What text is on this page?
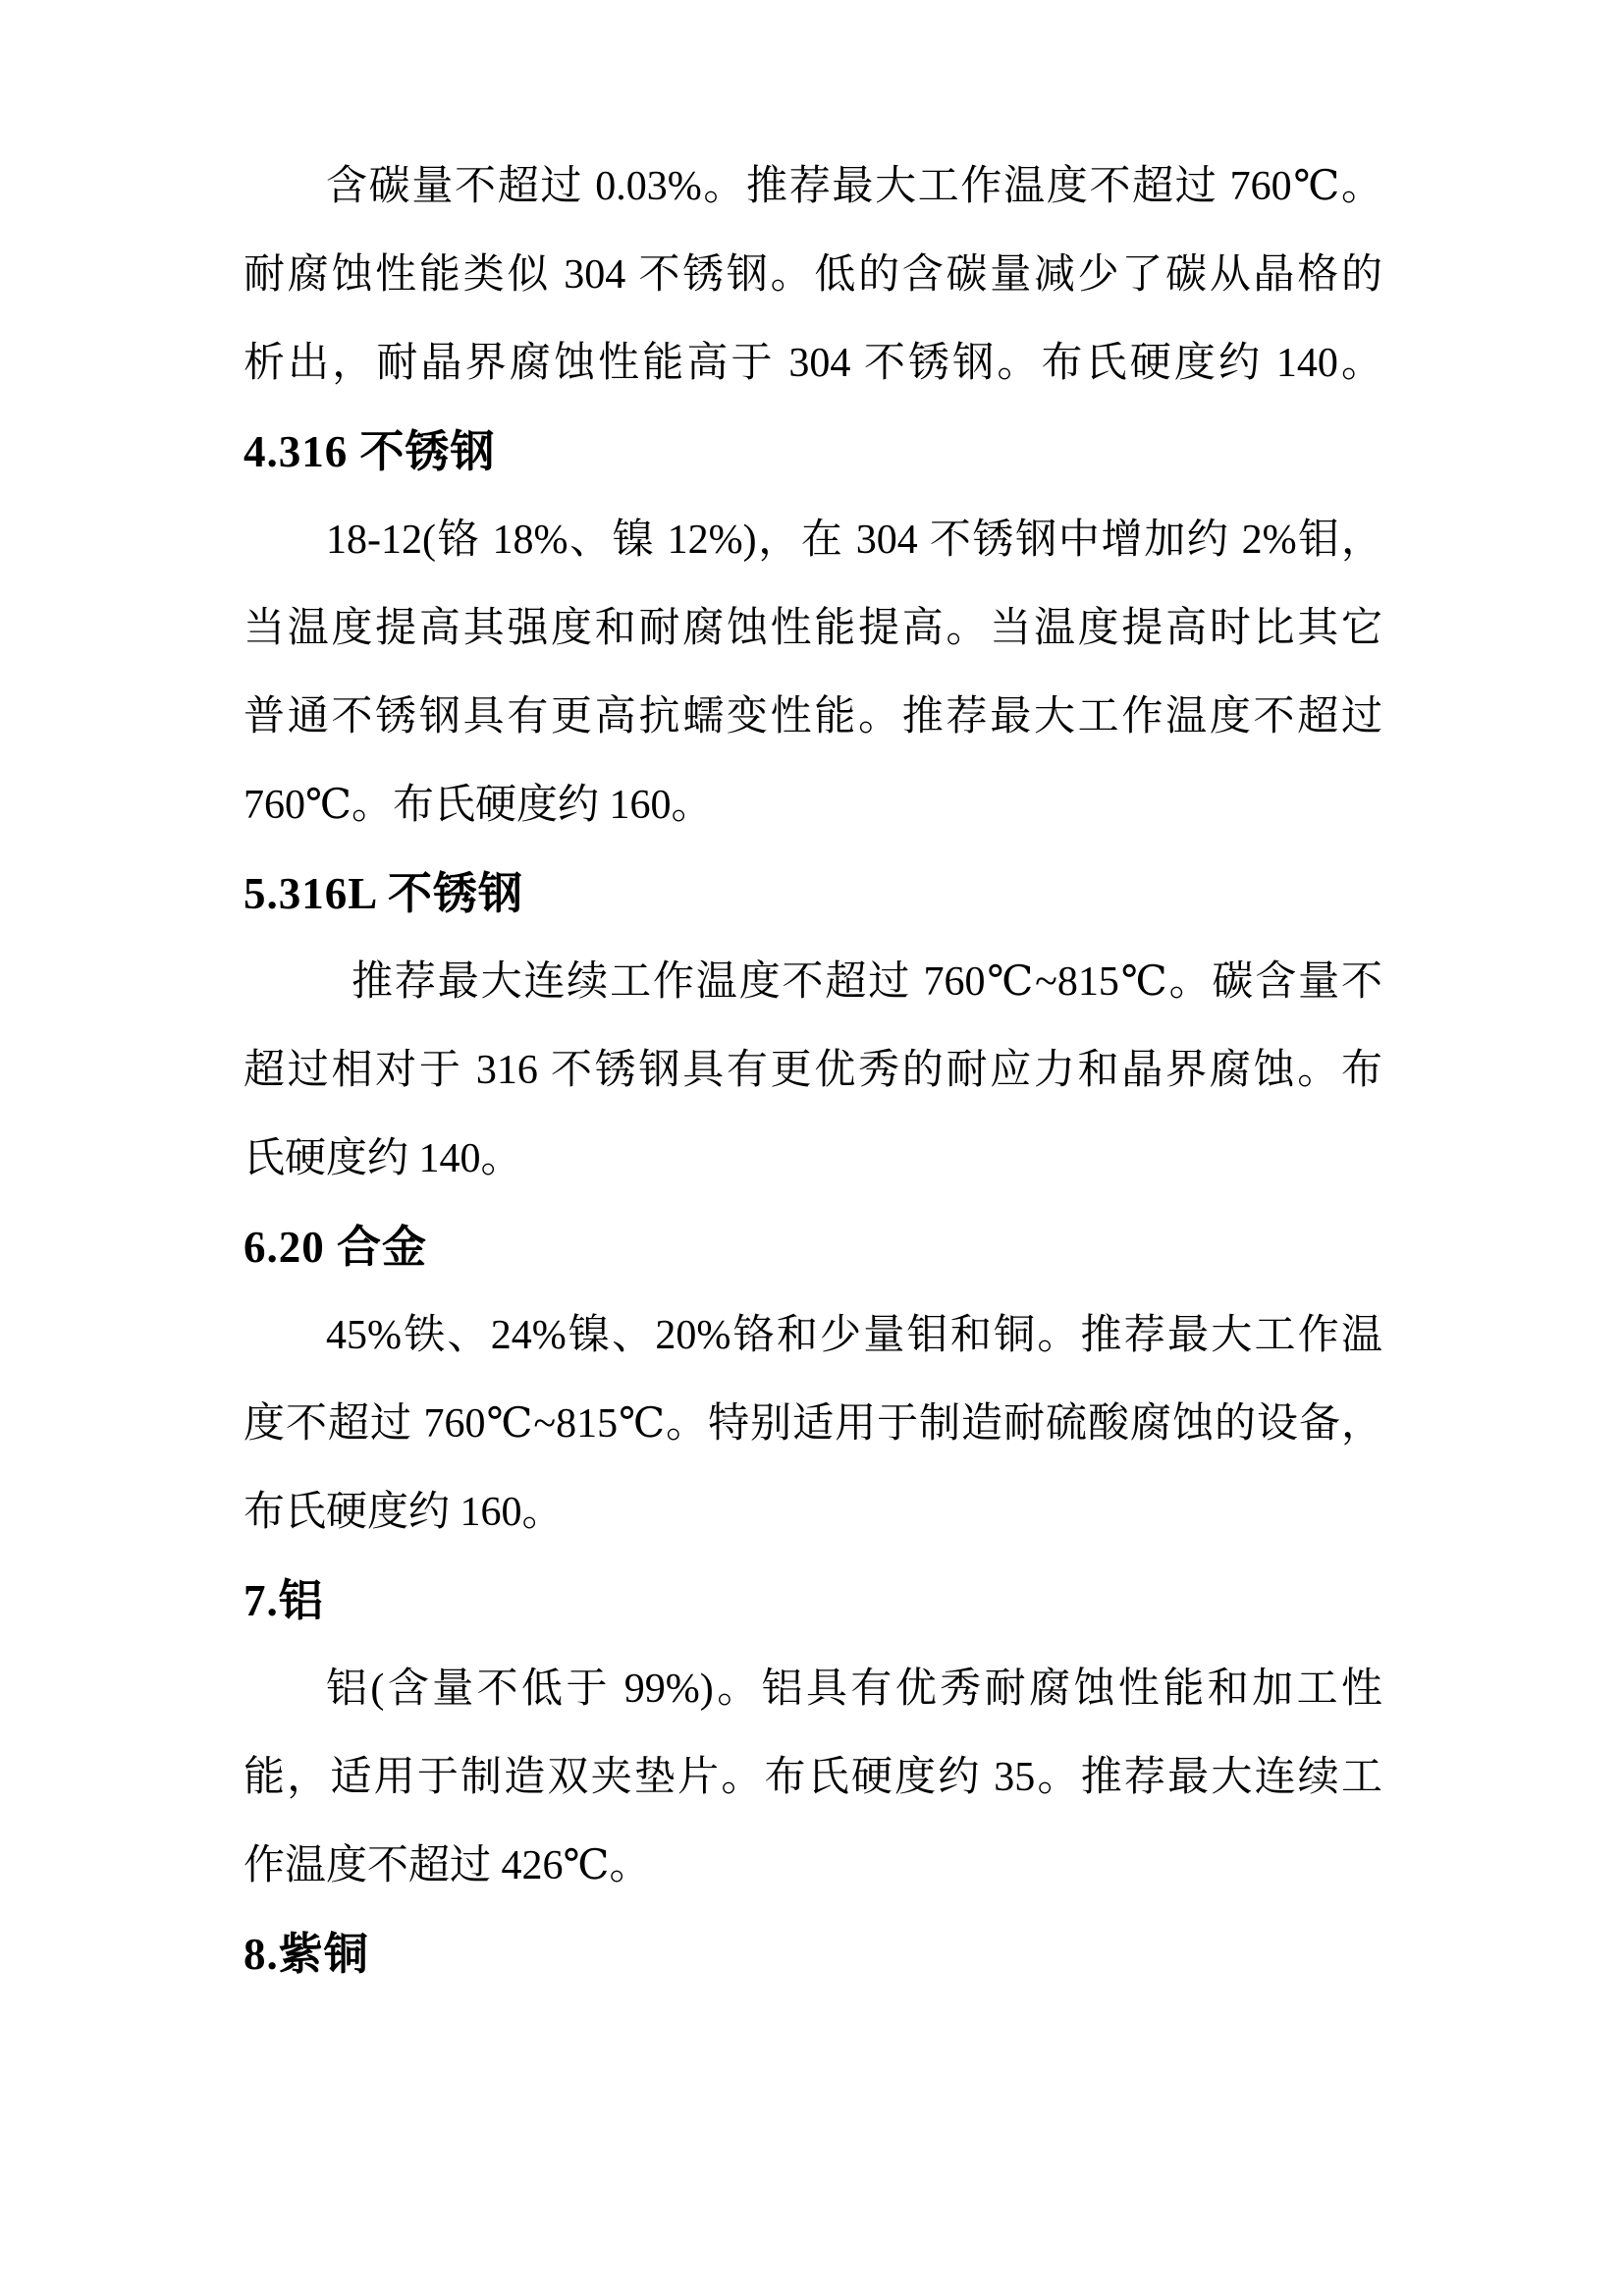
含碳量不超过 0.03%。推荐最大工作温度不超过 760℃。
耐腐蚀性能类似 304 不锈钢。低的含碳量减少了碳从晶格的
析出，耐晶界腐蚀性能高于 304 不锈钢。布氏硬度约 140。
4.316 不锈钢
18-12(铬 18%、镍 12%)，在 304 不锈钢中增加约 2%钼，
当温度提高其强度和耐腐蚀性能提高。当温度提高时比其它
普通不锈钢具有更高抗蠕变性能。推荐最大工作温度不超过
760℃。布氏硬度约 160。
5.316L 不锈钢
推荐最大连续工作温度不超过 760℃~815℃。碳含量不
超过相对于 316 不锈钢具有更优秀的耐应力和晶界腐蚀。布
氏硬度约 140。
6.20 合金
45%铁、24%镍、20%铬和少量钼和铜。推荐最大工作温
度不超过 760℃~815℃。特别适用于制造耐硫酸腐蚀的设备，
布氏硬度约 160。
7.铝
铝(含量不低于 99%)。铝具有优秀耐腐蚀性能和加工性
能，适用于制造双夹垫片。布氏硬度约 35。推荐最大连续工
作温度不超过 426℃。
8.紫铜
